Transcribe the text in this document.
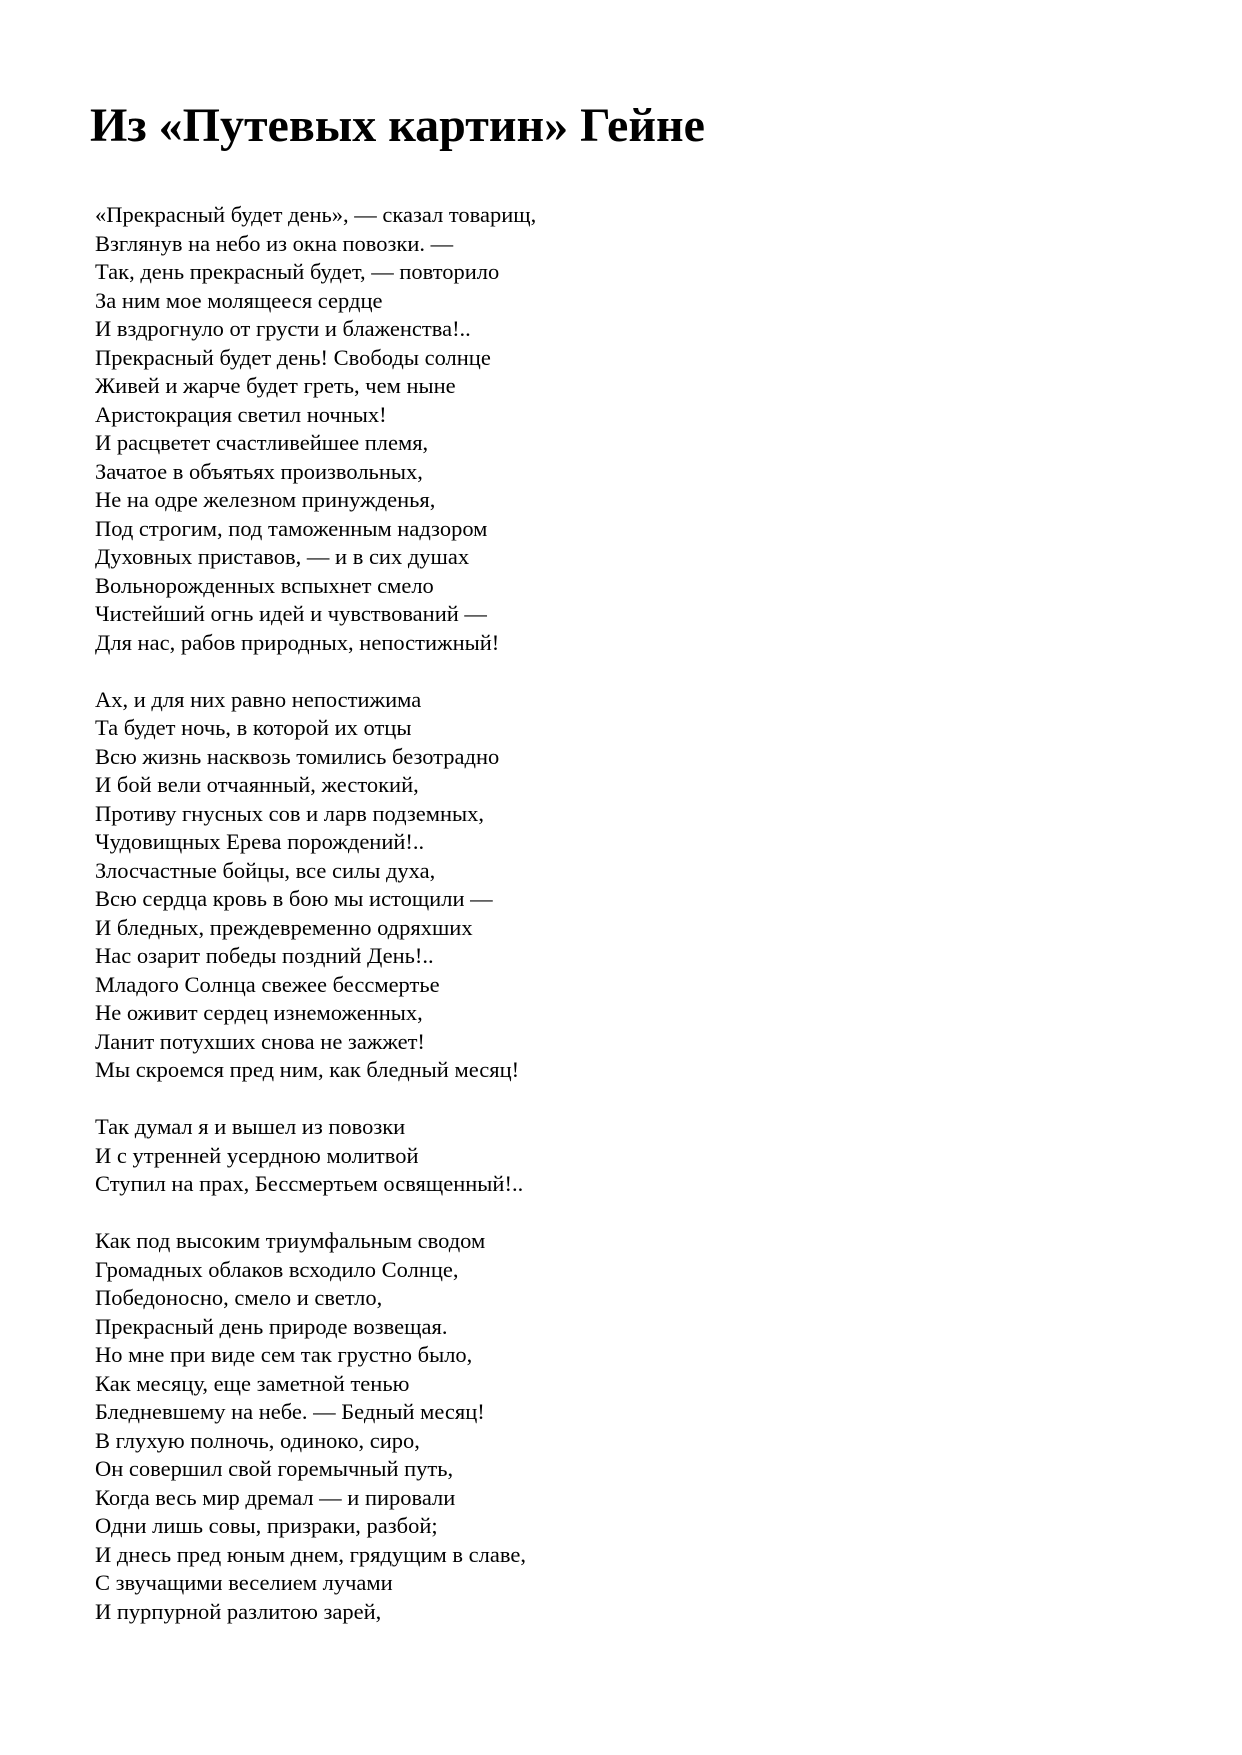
Из «Путевых картин» Гейне
«Прекрасный будет день», — сказал товарищ,
Взглянув на небо из окна повозки. —
Так, день прекрасный будет, — повторило
За ним мое молящееся сердце
И вздрогнуло от грусти и блаженства!..
Прекрасный будет день! Свободы солнце
Живей и жарче будет греть, чем ныне
Аристокрация светил ночных!
И расцветет счастливейшее племя,
Зачатое в объятьях произвольных,
Не на одре железном принужденья,
Под строгим, под таможенным надзором
Духовных приставов, — и в сих душах
Вольнорожденных вспыхнет смело
Чистейший огнь идей и чувствований —
Для нас, рабов природных, непостижный!
Ах, и для них равно непостижима
Та будет ночь, в которой их отцы
Всю жизнь насквозь томились безотрадно
И бой вели отчаянный, жестокий,
Противу гнусных сов и ларв подземных,
Чудовищных Ерева порождений!..
Злосчастные бойцы, все силы духа,
Всю сердца кровь в бою мы истощили —
И бледных, преждевременно одряхших
Нас озарит победы поздний День!..
Младого Солнца свежее бессмертье
Не оживит сердец изнеможенных,
Ланит потухших снова не зажжет!
Мы скроемся пред ним, как бледный месяц!
Так думал я и вышел из повозки
И с утренней усердною молитвой
Ступил на прах, Бессмертьем освященный!..
Как под высоким триумфальным сводом
Громадных облаков всходило Солнце,
Победоносно, смело и светло,
Прекрасный день природе возвещая.
Но мне при виде сем так грустно было,
Как месяцу, еще заметной тенью
Бледневшему на небе. — Бедный месяц!
В глухую полночь, одиноко, сиро,
Он совершил свой горемычный путь,
Когда весь мир дремал — и пировали
Одни лишь совы, призраки, разбой;
И днесь пред юным днем, грядущим в славе,
С звучащими веселием лучами
И пурпурной разлитою зарей,
